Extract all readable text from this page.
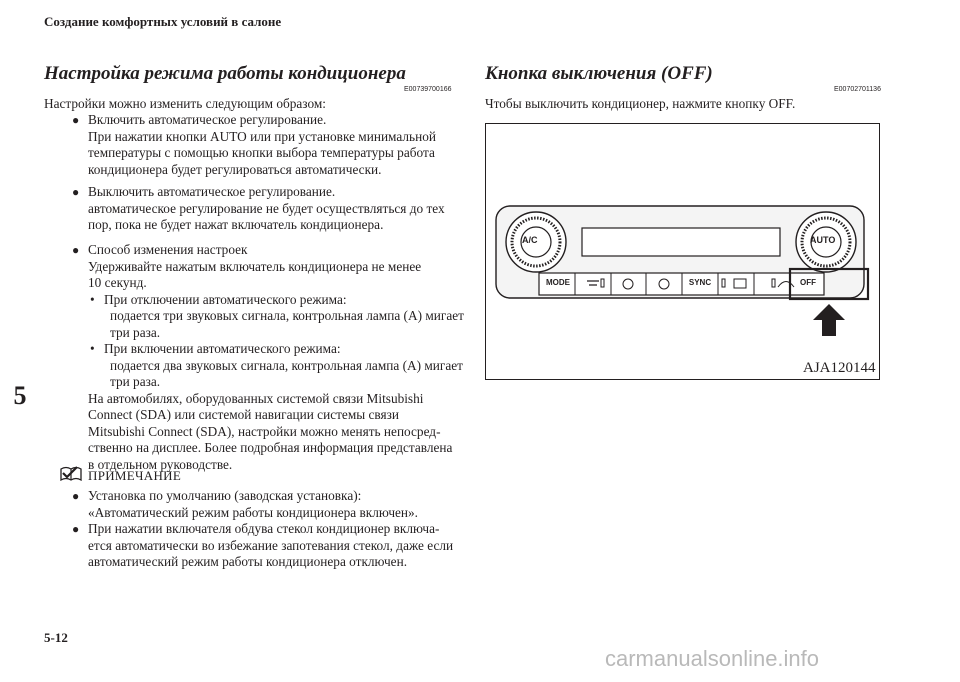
Создание комфортных условий в салоне
5
5-12
Настройка режима работы кондиционера
E00739700166
Настройки можно изменить следующим образом:
● Включить автоматическое регулирование.
При нажатии кнопки AUTO или при установке минимальной
температуры с помощью кнопки выбора температуры работа
кондиционера будет регулироваться автоматически.
● Выключить автоматическое регулирование.
автоматическое регулирование не будет осуществляться до тех
пор, пока не будет нажат включатель кондиционера.
● Способ изменения настроек
Удерживайте нажатым включатель кондиционера не менее
10 секунд.
• При отключении автоматического режима:
подается три звуковых сигнала, контрольная лампа (A) мигает
три раза.
• При включении автоматического режима:
подается два звуковых сигнала, контрольная лампа (A) мигает
три раза.
На автомобилях, оборудованных системой связи Mitsubishi
Connect (SDA) или системой навигации системы связи
Mitsubishi Connect (SDA), настройки можно менять непосред-
ственно на дисплее. Более подробная информация представлена
в отдельном руководстве.
ПРИМЕЧАНИЕ
● Установка по умолчанию (заводская установка):
«Автоматический режим работы кондиционера включен».
● При нажатии включателя обдува стекол кондиционер включа-
ется автоматически во избежание запотевания стекол, даже если
автоматический режим работы кондиционера отключен.
Кнопка выключения (OFF)
E00702701136
Чтобы выключить кондиционер, нажмите кнопку OFF.
A/C	AUTO
MODE	SYNC	OFF
AJA120144
carmanualsonline.info
